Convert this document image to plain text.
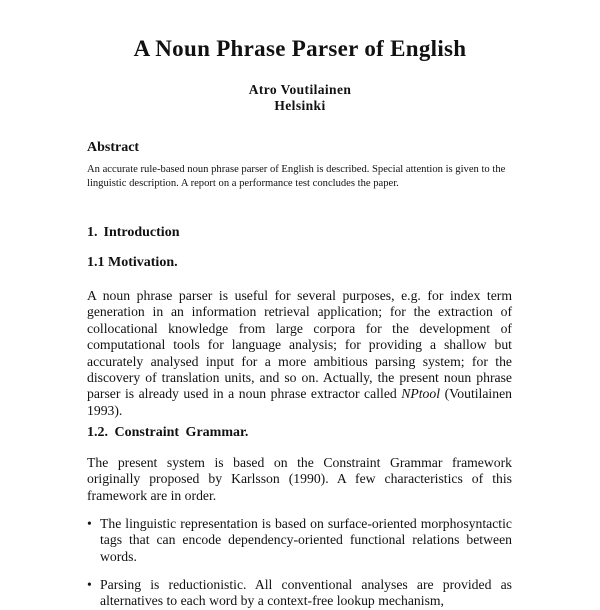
A Noun Phrase Parser of English
Atro Voutilainen
Helsinki
Abstract

An accurate rule-based noun phrase parser of English is described. Special attention is given to the linguistic description. A report on a performance test concludes the paper.

1. Introduction
1.1 Motivation.

A noun phrase parser is useful for several purposes, e.g. for index term generation in an information retrieval application; for the extraction of collocational knowledge from large corpora for the development of computational tools for language analysis; for providing a shallow but accurately analysed input for a more ambitious parsing system; for the discovery of translation units, and so on. Actually, the present noun phrase parser is already used in a noun phrase extractor called NPtool (Voutilainen 1993).

1.2. Constraint Grammar.

The present system is based on the Constraint Grammar framework originally proposed by Karlsson (1990). A few characteristics of this framework are in order.

• The linguistic representation is based on surface-oriented morphosyntactic tags that can encode dependency-oriented functional relations between words.
• Parsing is reductionistic. All conventional analyses are provided as alternatives to each word by a context-free lookup mechanism,
